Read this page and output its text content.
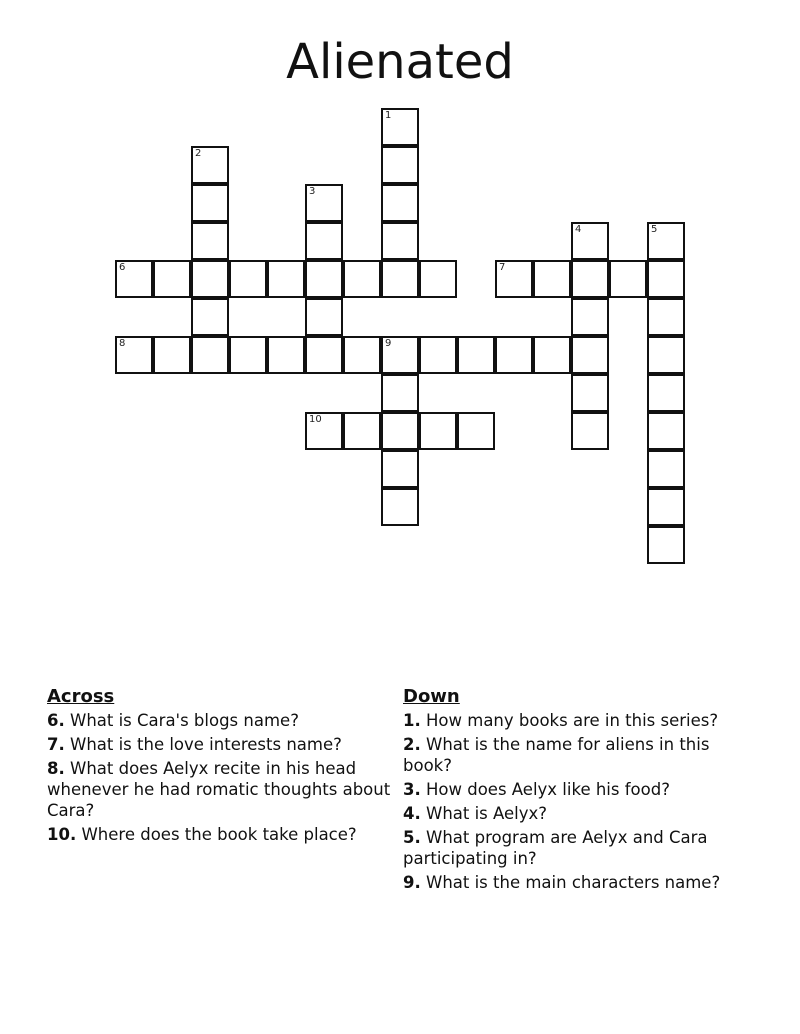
Alienated
1
2
3
4	5
6	7
8	9
10
Across
6. What is Cara's blogs name?
7. What is the love interests name?
8. What does Aelyx recite in his head whenever he had romatic thoughts about Cara?
10. Where does the book take place?
Down
1. How many books are in this series?
2. What is the name for aliens in this book?
3. How does Aelyx like his food?
4. What is Aelyx?
5. What program are Aelyx and Cara participating in?
9. What is the main characters name?
